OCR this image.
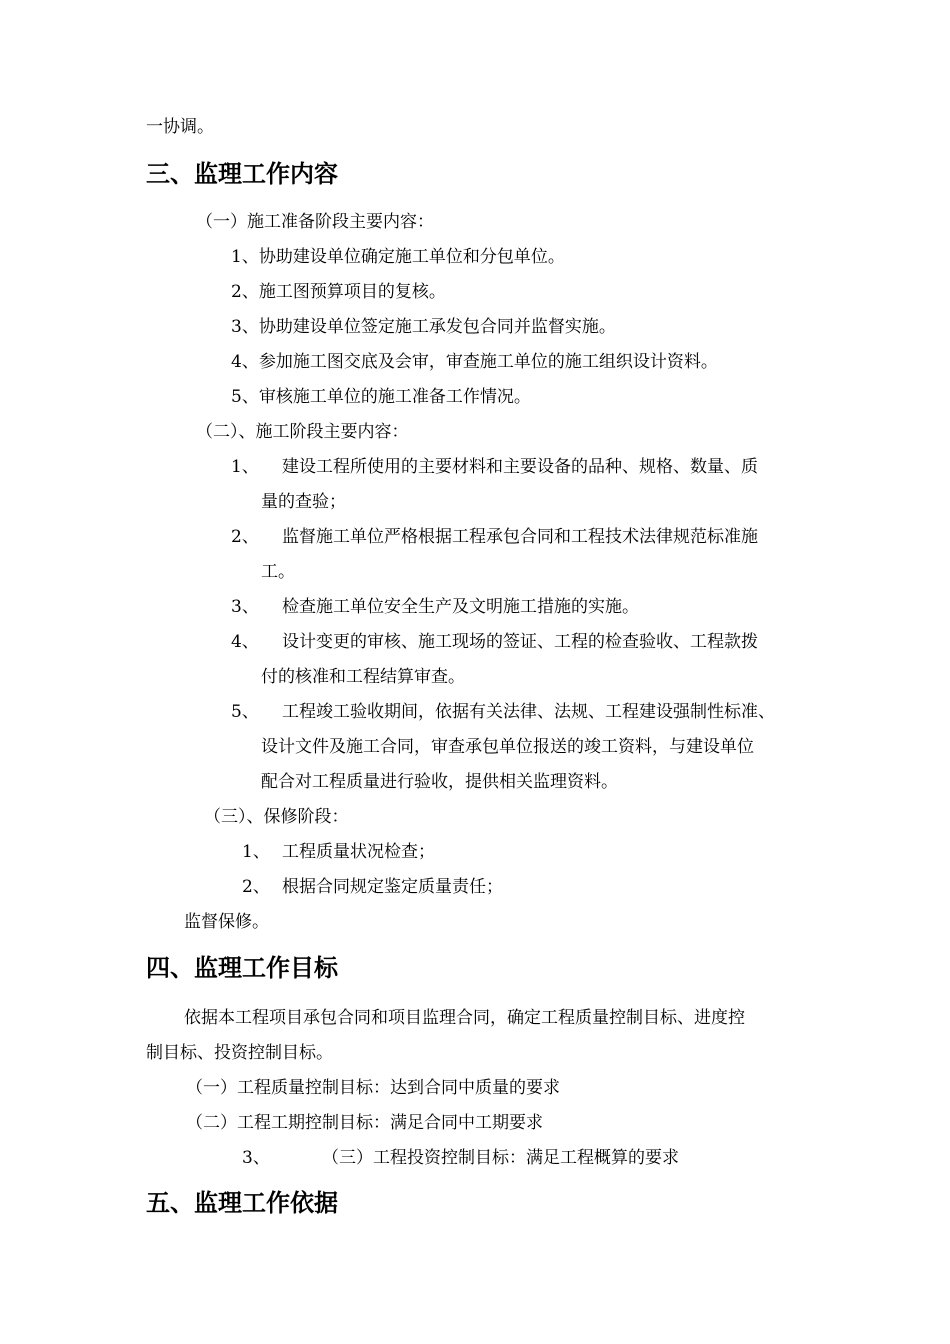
一协调。
三、监理工作内容
（一）施工准备阶段主要内容：
1、协助建设单位确定施工单位和分包单位。
2、施工图预算项目的复核。
3、协助建设单位签定施工承发包合同并监督实施。
4、参加施工图交底及会审，审查施工单位的施工组织设计资料。
5、审核施工单位的施工准备工作情况。
（二）、施工阶段主要内容：
1、 建设工程所使用的主要材料和主要设备的品种、规格、数量、质
量的查验；
2、 监督施工单位严格根据工程承包合同和工程技术法律规范标准施
工。
3、 检查施工单位安全生产及文明施工措施的实施。
4、 设计变更的审核、施工现场的签证、工程的检查验收、工程款拨
付的核准和工程结算审查。
5、 工程竣工验收期间，依据有关法律、法规、工程建设强制性标准、
设计文件及施工合同，审查承包单位报送的竣工资料，与建设单位
配合对工程质量进行验收，提供相关监理资料。
（三）、保修阶段：
1、 工程质量状况检查；
2、 根据合同规定鉴定质量责任；
监督保修。
四、监理工作目标
依据本工程项目承包合同和项目监理合同，确定工程质量控制目标、进度控
制目标、投资控制目标。
（一）工程质量控制目标：达到合同中质量的要求
（二）工程工期控制目标：满足合同中工期要求
3、	（三）工程投资控制目标：满足工程概算的要求
五、监理工作依据
